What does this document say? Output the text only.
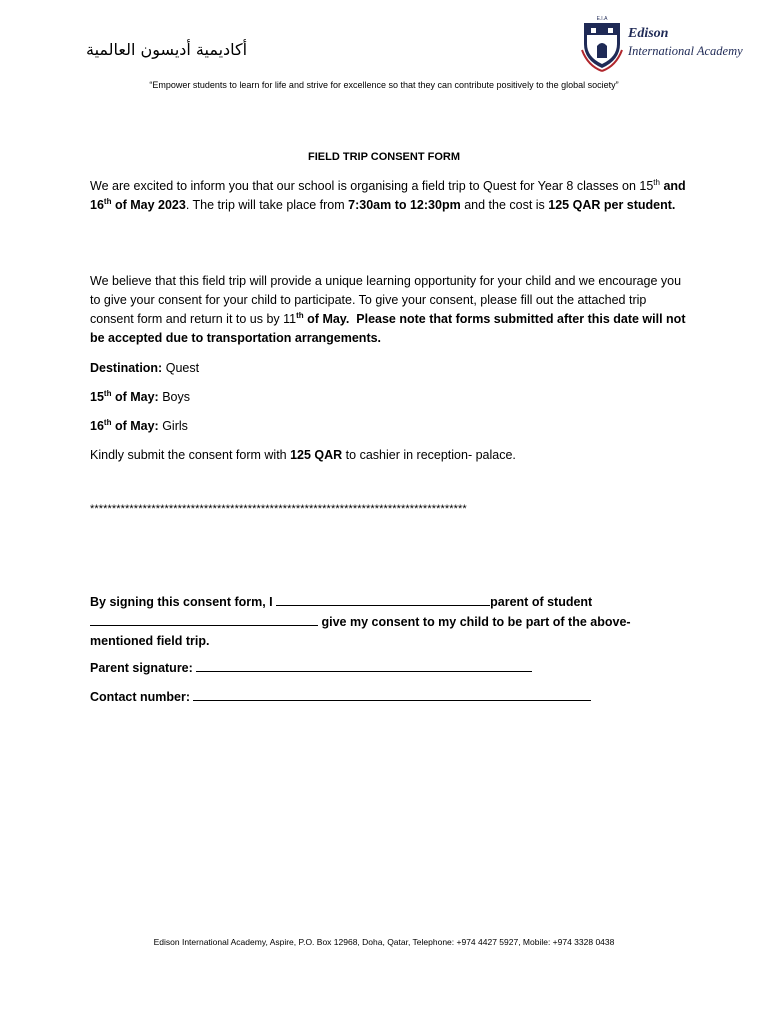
أكاديمية أديسون العالمية
E.I.A
Edison
International Academy
“Empower students to learn for life and strive for excellence so that they can contribute positively to the global society”
FIELD TRIP CONSENT FORM
We are excited to inform you that our school is organising a field trip to Quest for Year 8 classes on 15th and 16th of May 2023. The trip will take place from 7:30am to 12:30pm and the cost is 125 QAR per student.
We believe that this field trip will provide a unique learning opportunity for your child and we encourage you to give your consent for your child to participate. To give your consent, please fill out the attached trip consent form and return it to us by 11th of May. Please note that forms submitted after this date will not be accepted due to transportation arrangements.
Destination: Quest
15th of May: Boys
16th of May: Girls
Kindly submit the consent form with 125 QAR to cashier in reception- palace.
**************************************************************************************
By signing this consent form, I	parent of student
give my consent to my child to be part of the above-mentioned field trip.
Parent signature:
Contact number:
Edison International Academy, Aspire, P.O. Box 12968, Doha, Qatar, Telephone: +974 4427 5927, Mobile: +974 3328 0438
